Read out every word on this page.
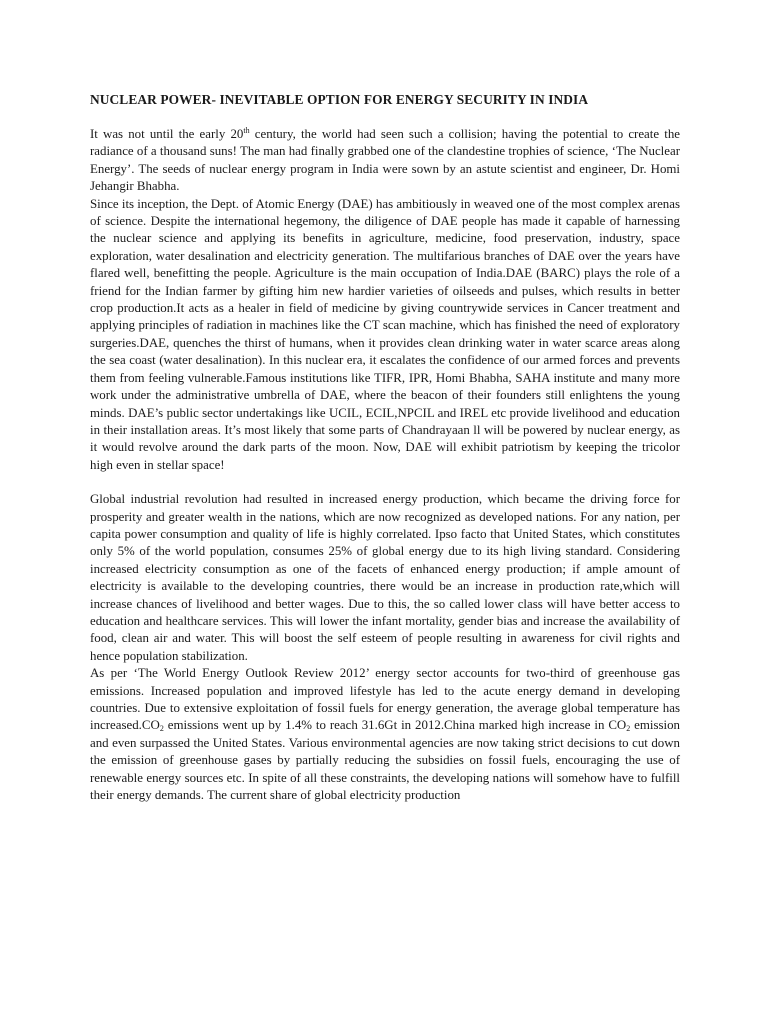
NUCLEAR POWER- INEVITABLE OPTION FOR ENERGY SECURITY IN INDIA

It was not until the early 20th century, the world had seen such a collision; having the potential to create the radiance of a thousand suns! The man had finally grabbed one of the clandestine trophies of science, ‘The Nuclear Energy’. The seeds of nuclear energy program in India were sown by an astute scientist and engineer, Dr. Homi Jehangir Bhabha.

Since its inception, the Dept. of Atomic Energy (DAE) has ambitiously in weaved one of the most complex arenas of science. Despite the international hegemony, the diligence of DAE people has made it capable of harnessing the nuclear science and applying its benefits in agriculture, medicine, food preservation, industry, space exploration, water desalination and electricity generation. The multifarious branches of DAE over the years have flared well, benefitting the people. Agriculture is the main occupation of India.DAE (BARC) plays the role of a friend for the Indian farmer by gifting him new hardier varieties of oilseeds and pulses, which results in better crop production.It acts as a healer in field of medicine by giving countrywide services in Cancer treatment and applying principles of radiation in machines like the CT scan machine, which has finished the need of exploratory surgeries.DAE, quenches the thirst of humans, when it provides clean drinking water in water scarce areas along the sea coast (water desalination). In this nuclear era, it escalates the confidence of our armed forces and prevents them from feeling vulnerable.Famous institutions like TIFR, IPR, Homi Bhabha, SAHA institute and many more work under the administrative umbrella of DAE, where the beacon of their founders still enlightens the young minds. DAE’s public sector undertakings like UCIL, ECIL,NPCIL and IREL etc provide livelihood and education in their installation areas. It’s most likely that some parts of Chandrayaan ll will be powered by nuclear energy, as it would revolve around the dark parts of the moon. Now, DAE will exhibit patriotism by keeping the tricolor high even in stellar space!

Global industrial revolution had resulted in increased energy production, which became the driving force for prosperity and greater wealth in the nations, which are now recognized as developed nations. For any nation, per capita power consumption and quality of life is highly correlated. Ipso facto that United States, which constitutes only 5% of the world population, consumes 25% of global energy due to its high living standard. Considering increased electricity consumption as one of the facets of enhanced energy production; if ample amount of electricity is available to the developing countries, there would be an increase in production rate,which will increase chances of livelihood and better wages. Due to this, the so called lower class will have better access to education and healthcare services. This will lower the infant mortality, gender bias and increase the availability of food, clean air and water. This will boost the self esteem of people resulting in awareness for civil rights and hence population stabilization.

As per ‘The World Energy Outlook Review 2012’ energy sector accounts for two-third of greenhouse gas emissions. Increased population and improved lifestyle has led to the acute energy demand in developing countries. Due to extensive exploitation of fossil fuels for energy generation, the average global temperature has $increased.CO_2$ emissions went up by 1.4% to reach 31.6Gt in 2012.China marked high increase in $CO_2$ emission and even surpassed the United States. Various environmental agencies are now taking strict decisions to cut down the emission of greenhouse gases by partially reducing the subsidies on fossil fuels, encouraging the use of renewable energy sources etc. In spite of all these constraints, the developing nations will somehow have to fulfill their energy demands. The current share of global electricity production
